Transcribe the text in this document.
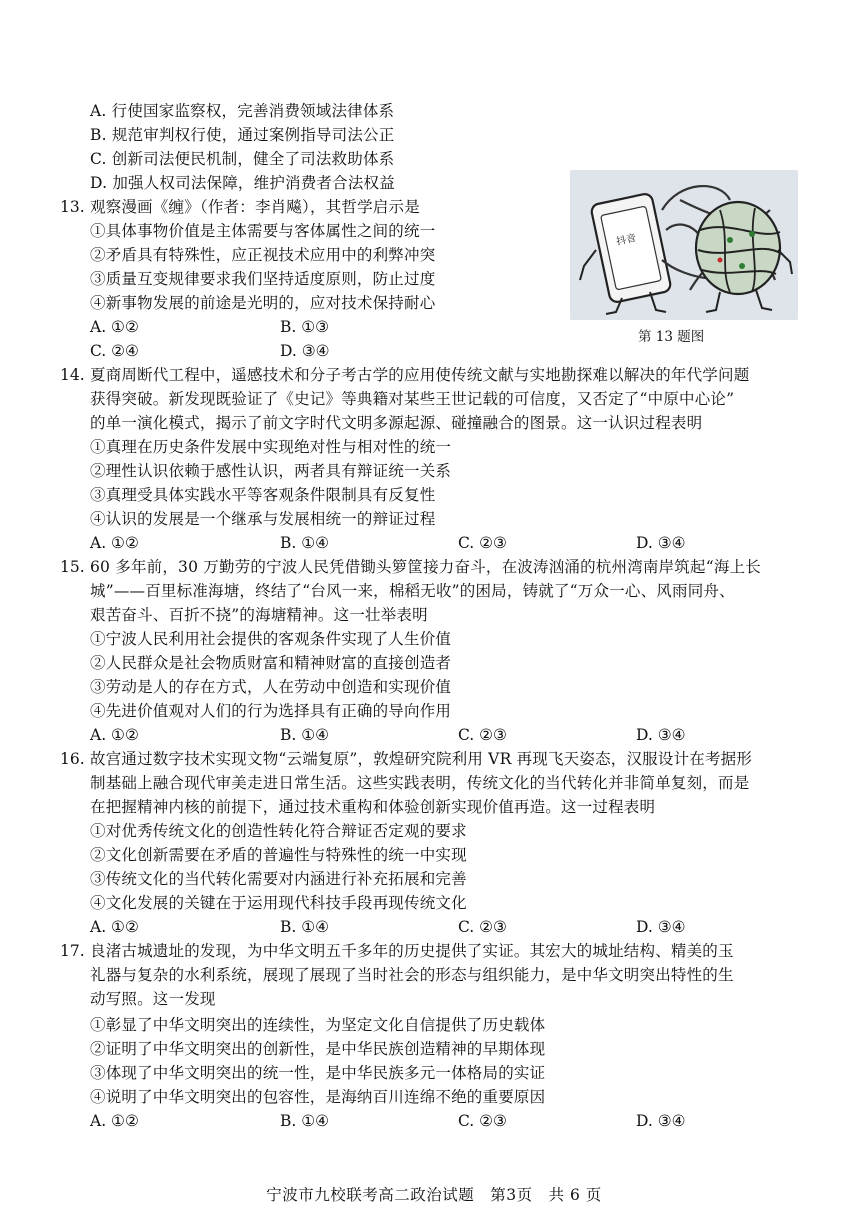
A. 行使国家监察权，完善消费领域法律体系
B. 规范审判权行使，通过案例指导司法公正
C. 创新司法便民机制，健全了司法救助体系
D. 加强人权司法保障，维护消费者合法权益
13. 观察漫画《缠》（作者：李肖飚），其哲学启示是
①具体事物价值是主体需要与客体属性之间的统一
②矛盾具有特殊性，应正视技术应用中的利弊冲突
③质量互变规律要求我们坚持适度原则，防止过度
④新事物发展的前途是光明的，应对技术保持耐心
A. ①②	B. ①③
C. ②④	D. ③④
抖音
第 13 题图
14. 夏商周断代工程中，遥感技术和分子考古学的应用使传统文献与实地勘探难以解决的年代学问题
获得突破。新发现既验证了《史记》等典籍对某些王世记载的可信度，又否定了“中原中心论”
的单一演化模式，揭示了前文字时代文明多源起源、碰撞融合的图景。这一认识过程表明
①真理在历史条件发展中实现绝对性与相对性的统一
②理性认识依赖于感性认识，两者具有辩证统一关系
③真理受具体实践水平等客观条件限制具有反复性
④认识的发展是一个继承与发展相统一的辩证过程
A. ①②	B. ①④	C. ②③	D. ③④
15. 60 多年前，30 万勤劳的宁波人民凭借锄头箩筐接力奋斗，在波涛汹涌的杭州湾南岸筑起“海上长
城”——百里标准海塘，终结了“台风一来，棉稻无收”的困局，铸就了“万众一心、风雨同舟、
艰苦奋斗、百折不挠”的海塘精神。这一壮举表明
①宁波人民利用社会提供的客观条件实现了人生价值
②人民群众是社会物质财富和精神财富的直接创造者
③劳动是人的存在方式，人在劳动中创造和实现价值
④先进价值观对人们的行为选择具有正确的导向作用
A. ①②	B. ①④	C. ②③	D. ③④
16. 故宫通过数字技术实现文物“云端复原”，敦煌研究院利用 VR 再现飞天姿态，汉服设计在考据形
制基础上融合现代审美走进日常生活。这些实践表明，传统文化的当代转化并非简单复刻，而是
在把握精神内核的前提下，通过技术重构和体验创新实现价值再造。这一过程表明
①对优秀传统文化的创造性转化符合辩证否定观的要求
②文化创新需要在矛盾的普遍性与特殊性的统一中实现
③传统文化的当代转化需要对内涵进行补充拓展和完善
④文化发展的关键在于运用现代科技手段再现传统文化
A. ①②	B. ①④	C. ②③	D. ③④
17. 良渚古城遗址的发现，为中华文明五千多年的历史提供了实证。其宏大的城址结构、精美的玉
礼器与复杂的水利系统，展现了展现了当时社会的形态与组织能力，是中华文明突出特性的生
动写照。这一发现
①彰显了中华文明突出的连续性，为坚定文化自信提供了历史载体
②证明了中华文明突出的创新性，是中华民族创造精神的早期体现
③体现了中华文明突出的统一性，是中华民族多元一体格局的实证
④说明了中华文明突出的包容性，是海纳百川连绵不绝的重要原因
A. ①②	B. ①④	C. ②③	D. ③④
宁波市九校联考高二政治试题　第3页　共 6 页
